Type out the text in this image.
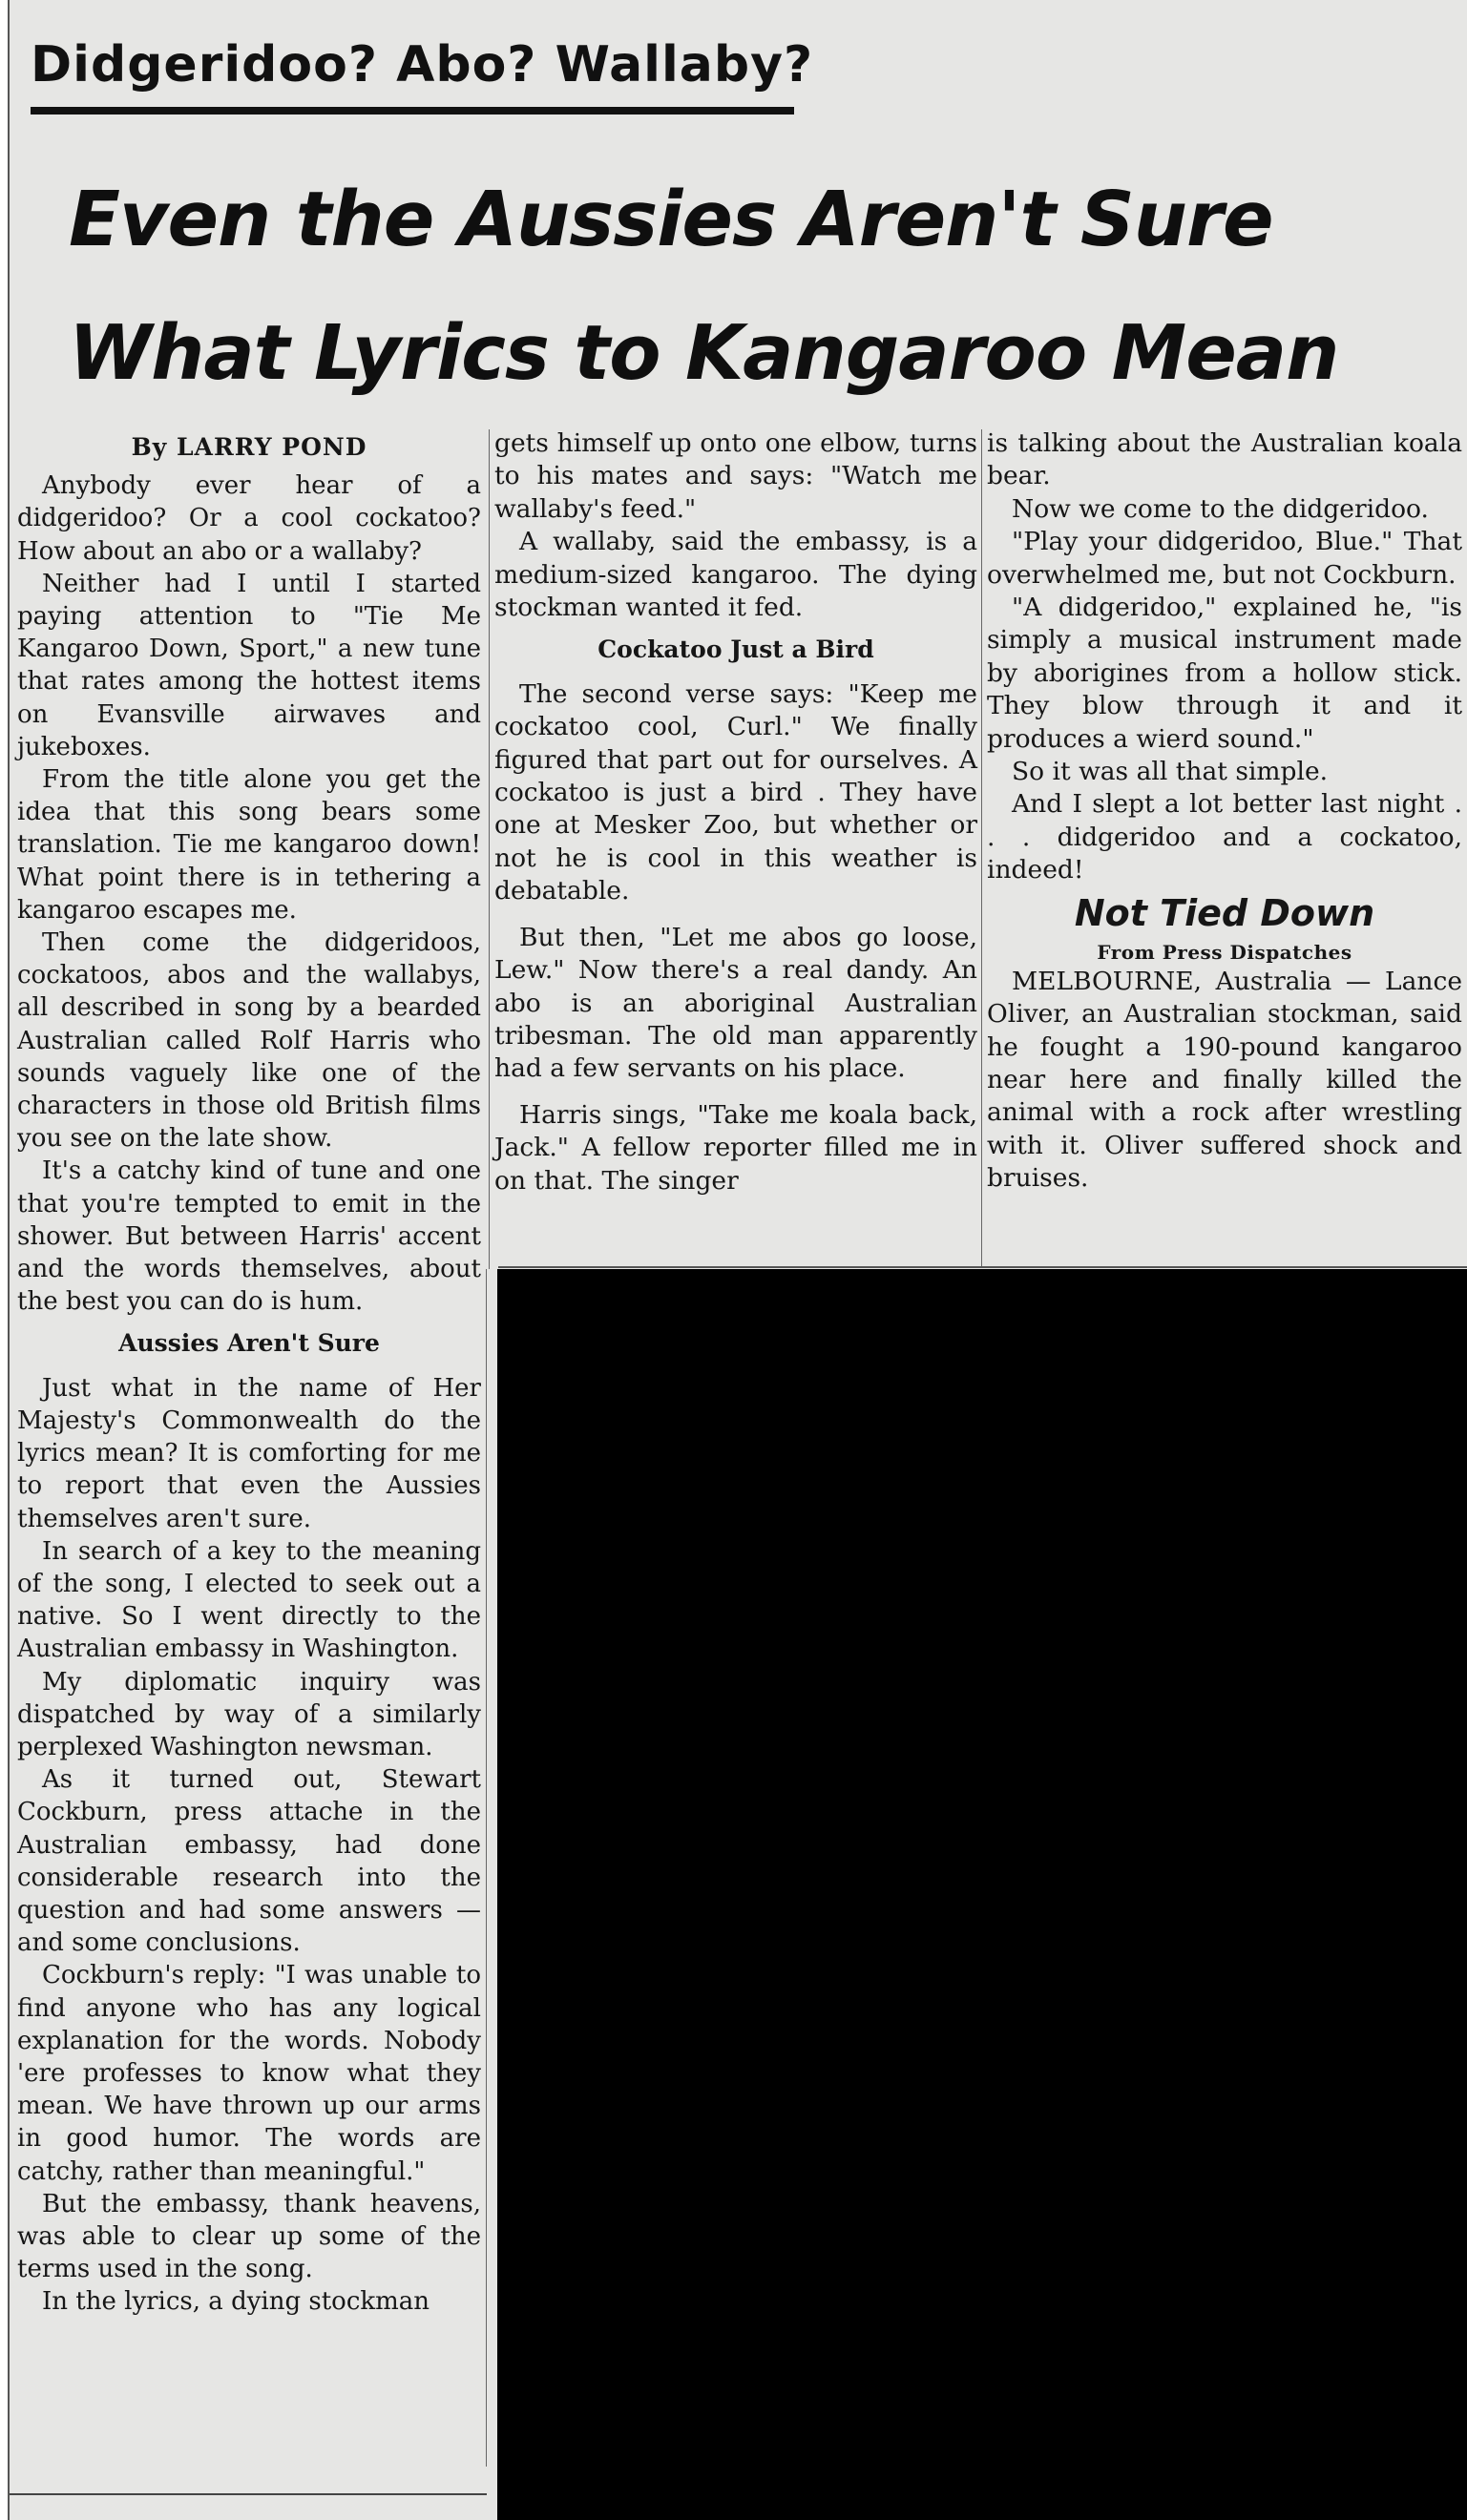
Didgeridoo? Abo? Wallaby?
Even the Aussies Aren't Sure
What Lyrics to Kangaroo Mean

gets himself up onto one elbow, turns to his mates and says: "Watch me wallaby's feed."

A wallaby, said the embassy, is a medium-sized kangaroo. The dying stockman wanted it fed.

Cockatoo Just a Bird

The second verse says: "Keep me cockatoo cool, Curl." We finally figured that part out for ourselves. A cockatoo is just a bird . They have one at Mesker Zoo, but whether or not he is cool in this weather is debatable.

But then, "Let me abos go loose, Lew." Now there's a real dandy. An abo is an aboriginal Australian tribesman. The old man apparently had a few servants on his place.

Harris sings, "Take me koala back, Jack." A fellow reporter filled me in on that. The singer

is talking about the Australian koala bear.

Now we come to the didgeridoo.

"Play your didgeridoo, Blue." That overwhelmed me, but not Cockburn.

"A didgeridoo," explained he, "is simply a musical instrument made by aborigines from a hollow stick. They blow through it and it produces a wierd sound."

So it was all that simple.

And I slept a lot better last night . . . didgeridoo and a cockatoo, indeed!

Not Tied Down
From Press Dispatches

MELBOURNE, Australia — Lance Oliver, an Australian stockman, said he fought a 190-pound kangaroo near here and finally killed the animal with a rock after wrestling with it. Oliver suffered shock and bruises.

By LARRY POND

Anybody ever hear of a didgeridoo? Or a cool cockatoo? How about an abo or a wallaby?

Neither had I until I started paying attention to "Tie Me Kangaroo Down, Sport," a new tune that rates among the hottest items on Evansville airwaves and jukeboxes.

From the title alone you get the idea that this song bears some translation. Tie me kangaroo down! What point there is in tethering a kangaroo escapes me.

Then come the didgeridoos, cockatoos, abos and the wallabys, all described in song by a bearded Australian called Rolf Harris who sounds vaguely like one of the characters in those old British films you see on the late show.

It's a catchy kind of tune and one that you're tempted to emit in the shower. But between Harris' accent and the words themselves, about the best you can do is hum.

Aussies Aren't Sure

Just what in the name of Her Majesty's Commonwealth do the lyrics mean? It is comforting for me to report that even the Aussies themselves aren't sure.

In search of a key to the meaning of the song, I elected to seek out a native. So I went directly to the Australian embassy in Washington.

My diplomatic inquiry was dispatched by way of a similarly perplexed Washington newsman.

As it turned out, Stewart Cockburn, press attache in the Australian embassy, had done considerable research into the question and had some answers — and some conclusions.

Cockburn's reply: "I was unable to find anyone who has any logical explanation for the words. Nobody 'ere professes to know what they mean. We have thrown up our arms in good humor. The words are catchy, rather than meaningful."

But the embassy, thank heavens, was able to clear up some of the terms used in the song.

In the lyrics, a dying stockman
